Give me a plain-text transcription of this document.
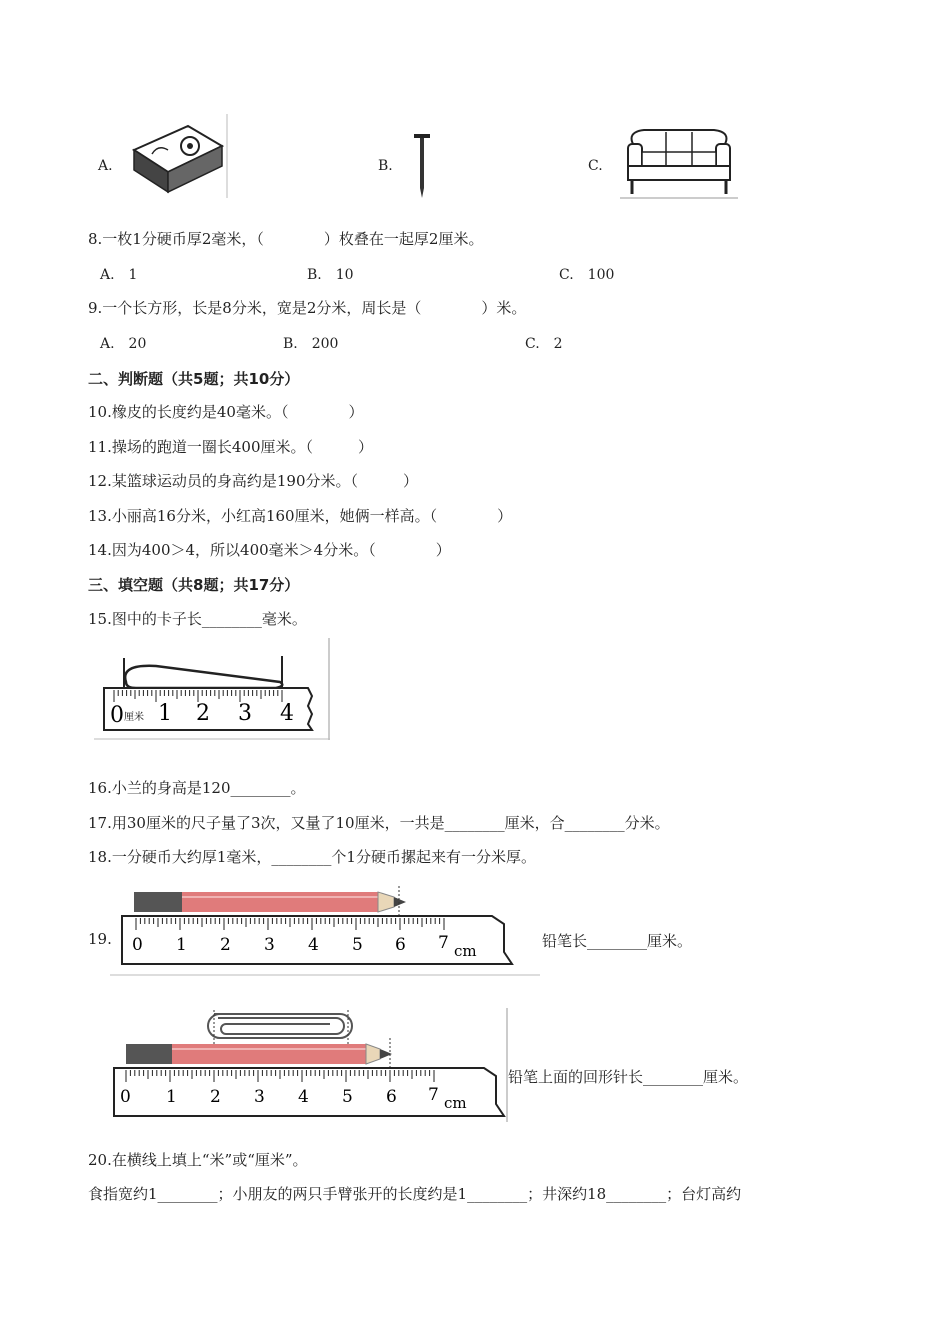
A.	B.	C.
8.一枚1分硬币厚2毫米，（　　　　）枚叠在一起厚2厘米。
A.　1	B.　10	C.　100
9.一个长方形，长是8分米，宽是2分米，周长是（　　　　）米。
A.　20	B.　200	C.　2
二、判断题（共5题；共10分）
10.橡皮的长度约是40毫米。（　　　　）
11.操场的跑道一圈长400厘米。（　　　）
12.某篮球运动员的身高约是190分米。（　　　）
13.小丽高16分米，小红高160厘米，她俩一样高。（　　　　）
14.因为400＞4，所以400毫米＞4分米。（　　　　）
三、填空题（共8题；共17分）
15.图中的卡子长________毫米。
0 厘米 1 2 3 4
16.小兰的身高是120________。
17.用30厘米的尺子量了3次，又量了10厘米，一共是________厘米，合________分米。
18.一分硬币大约厚1毫米，________个1分硬币摞起来有一分米厚。
19. 0 1 2 3 4 5 6 7 cm
铅笔长________厘米。
0 1 2 3 4 5 6 7 cm
铅笔上面的回形针长________厘米。
20.在横线上填上“米”或“厘米”。
食指宽约1________；小朋友的两只手臂张开的长度约是1________；井深约18________；台灯高约
